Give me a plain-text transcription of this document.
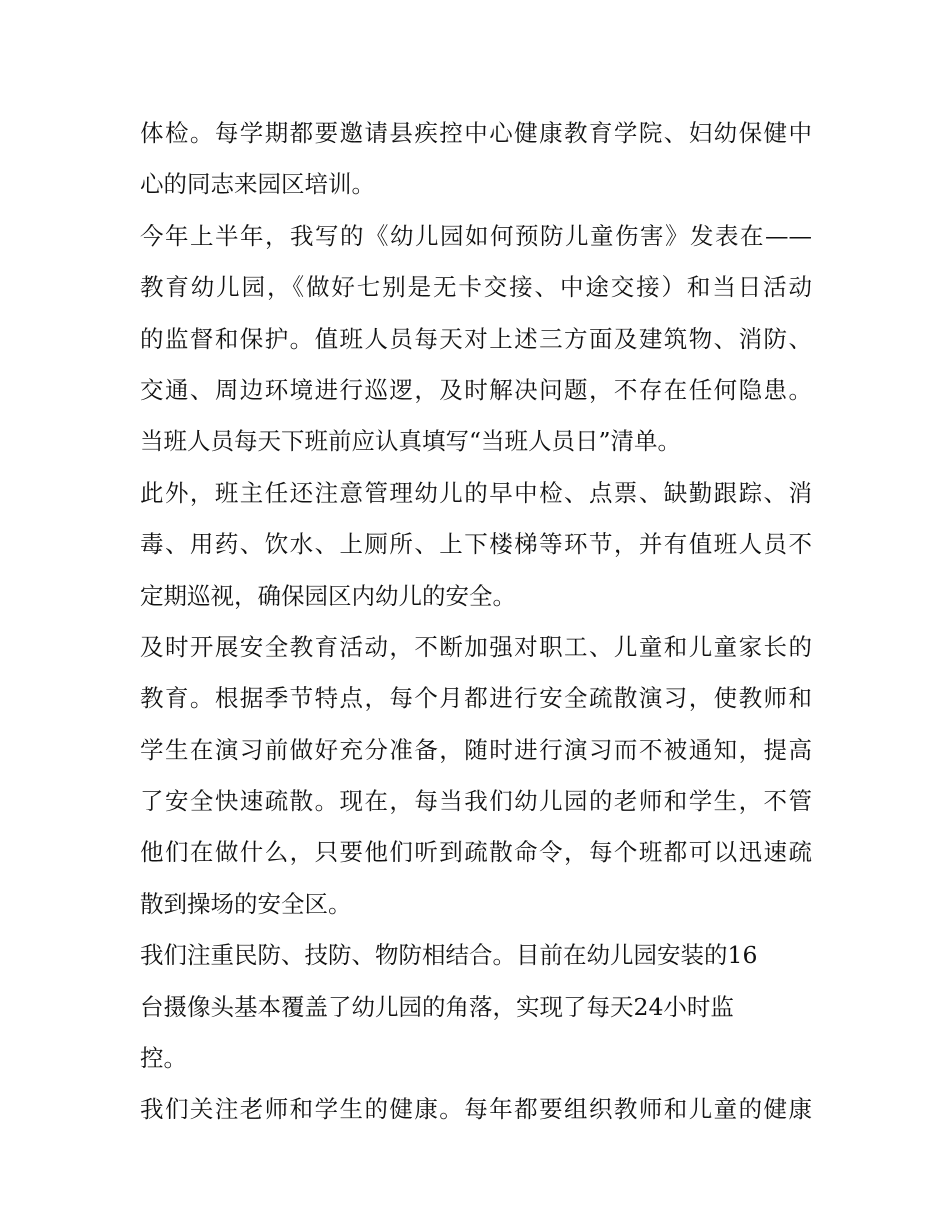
体检。每学期都要邀请县疾控中心健康教育学院、妇幼保健中
心的同志来园区培训。
今年上半年，我写的《幼儿园如何预防儿童伤害》发表在——
教育幼儿园，《做好七别是无卡交接、中途交接）和当日活动
的监督和保护。值班人员每天对上述三方面及建筑物、消防、
交通、周边环境进行巡逻，及时解决问题，不存在任何隐患。
当班人员每天下班前应认真填写“当班人员日”清单。
此外，班主任还注意管理幼儿的早中检、点票、缺勤跟踪、消
毒、用药、饮水、上厕所、上下楼梯等环节，并有值班人员不
定期巡视，确保园区内幼儿的安全。
及时开展安全教育活动，不断加强对职工、儿童和儿童家长的
教育。根据季节特点，每个月都进行安全疏散演习，使教师和
学生在演习前做好充分准备，随时进行演习而不被通知，提高
了安全快速疏散。现在，每当我们幼儿园的老师和学生，不管
他们在做什么，只要他们听到疏散命令，每个班都可以迅速疏
散到操场的安全区。
我们注重民防、技防、物防相结合。目前在幼儿园安装的16
台摄像头基本覆盖了幼儿园的角落，实现了每天24小时监
控。
我们关注老师和学生的健康。每年都要组织教师和儿童的健康
